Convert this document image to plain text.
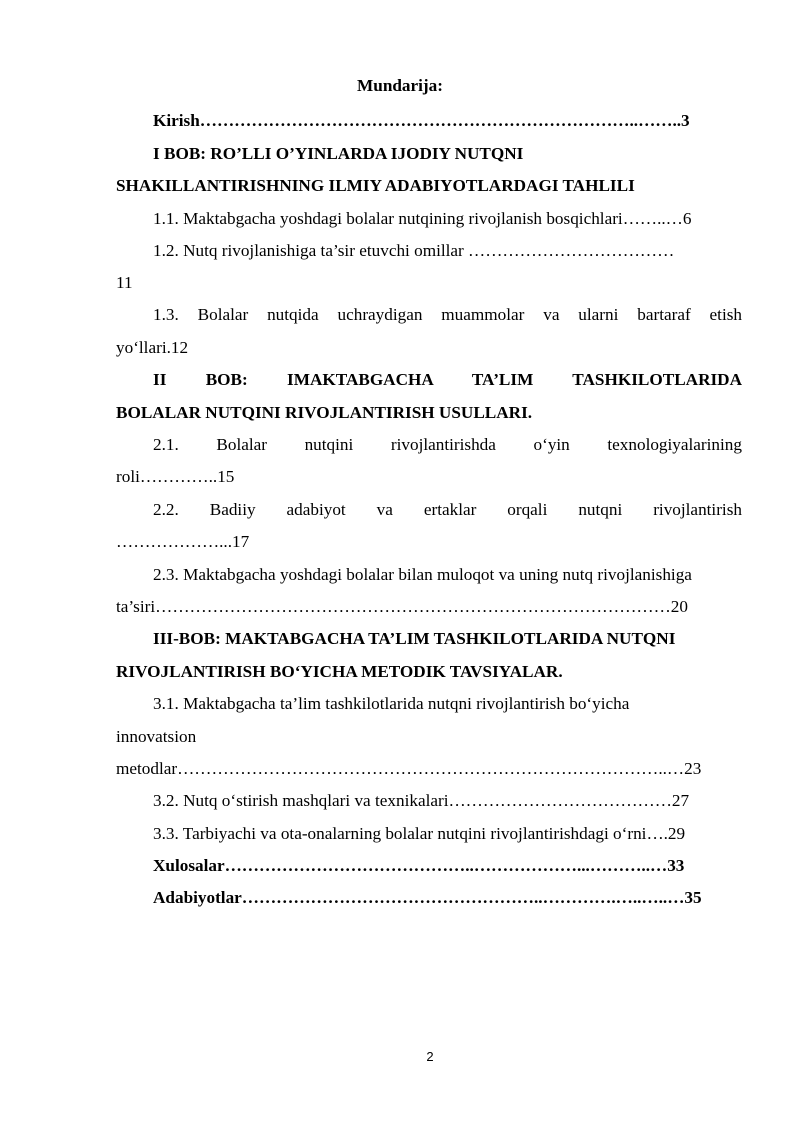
Mundarija:
Kirish…………………………………………………………………..……..3
I BOB: RO’LLI O’YINLARDA IJODIY NUTQNI
SHAKILLANTIRISHNING ILMIY ADABIYOTLARDAGI TAHLILI
1.1. Maktabgacha yoshdagi bolalar nutqining rivojlanish bosqichlari……..…6
1.2. Nutq rivojlanishiga ta’sir etuvchi omillar ………………………………
11
1.3. Bolalar nutqida uchraydigan muammolar va ularni bartaraf etish
yo‘llari.12
II BOB: IMAKTABGACHA TA’LIM TASHKILOTLARIDA
BOLALAR NUTQINI RIVOJLANTIRISH USULLARI.
2.1. Bolalar nutqini rivojlantirishda o‘yin texnologiyalarining
roli…………..15
2.2. Badiiy adabiyot va ertaklar orqali nutqni rivojlantirish
………………...17
2.3. Maktabgacha yoshdagi bolalar bilan muloqot va uning nutq rivojlanishiga
ta’siri………………………………………………………………………………20
III-BOB: MAKTABGACHA TA’LIM TASHKILOTLARIDA NUTQNI
RIVOJLANTIRISH BO‘YICHA METODIK TAVSIYALAR.
3.1. Maktabgacha ta’lim tashkilotlarida nutqni rivojlantirish bo‘yicha
innovatsion
metodlar…………………………………………………………………………..…23
3.2. Nutq o‘stirish mashqlari va texnikalari…………………………………27
3.3. Tarbiyachi va ota-onalarning bolalar nutqini rivojlantirishdagi o‘rni….29
Xulosalar……………………………………..………………...………..…33
Adabiyotlar……………………………………………..………….…..…..…35
2
